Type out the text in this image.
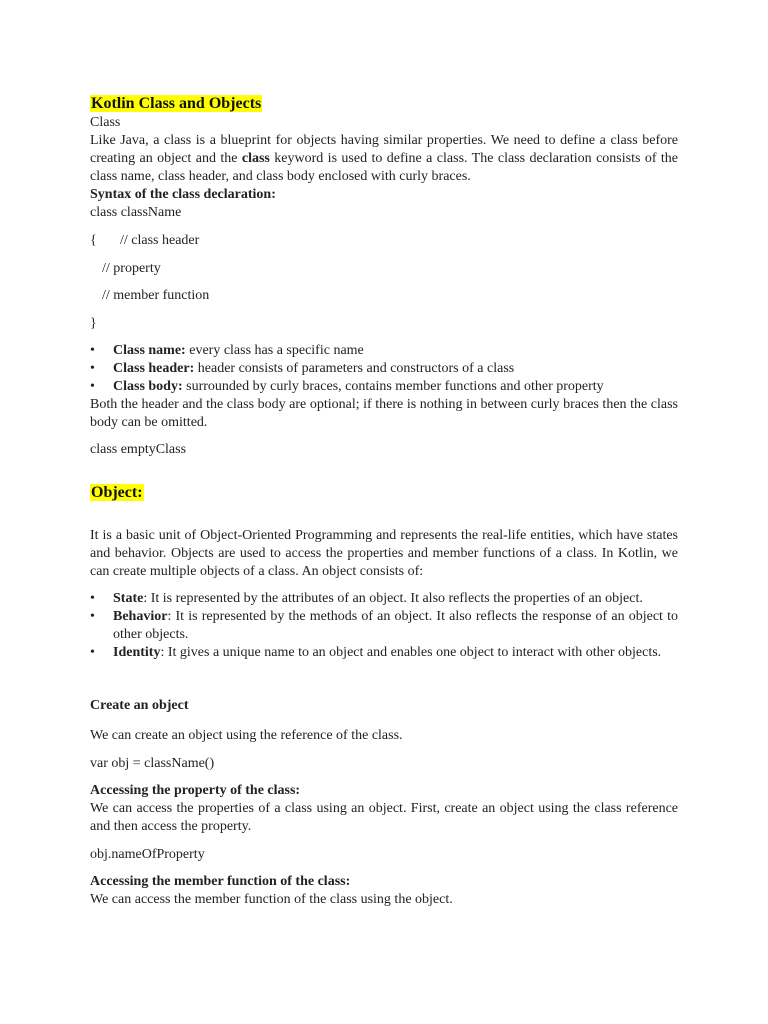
Kotlin Class and Objects
Class
Like Java, a class is a blueprint for objects having similar properties. We need to define a class before creating an object and the class keyword is used to define a class. The class declaration consists of the class name, class header, and class body enclosed with curly braces.
Syntax of the class declaration:
class className
{ // class header
// property
// member function
}
• Class name: every class has a specific name
• Class header: header consists of parameters and constructors of a class
• Class body: surrounded by curly braces, contains member functions and other property
Both the header and the class body are optional; if there is nothing in between curly braces then the class body can be omitted.
class emptyClass
Object:
It is a basic unit of Object-Oriented Programming and represents the real-life entities, which have states and behavior. Objects are used to access the properties and member functions of a class. In Kotlin, we can create multiple objects of a class. An object consists of:
• State: It is represented by the attributes of an object. It also reflects the properties of an object.
• Behavior: It is represented by the methods of an object. It also reflects the response of an object to other objects.
• Identity: It gives a unique name to an object and enables one object to interact with other objects.
Create an object
We can create an object using the reference of the class.
var obj = className()
Accessing the property of the class:
We can access the properties of a class using an object. First, create an object using the class reference and then access the property.
obj.nameOfProperty
Accessing the member function of the class:
We can access the member function of the class using the object.
